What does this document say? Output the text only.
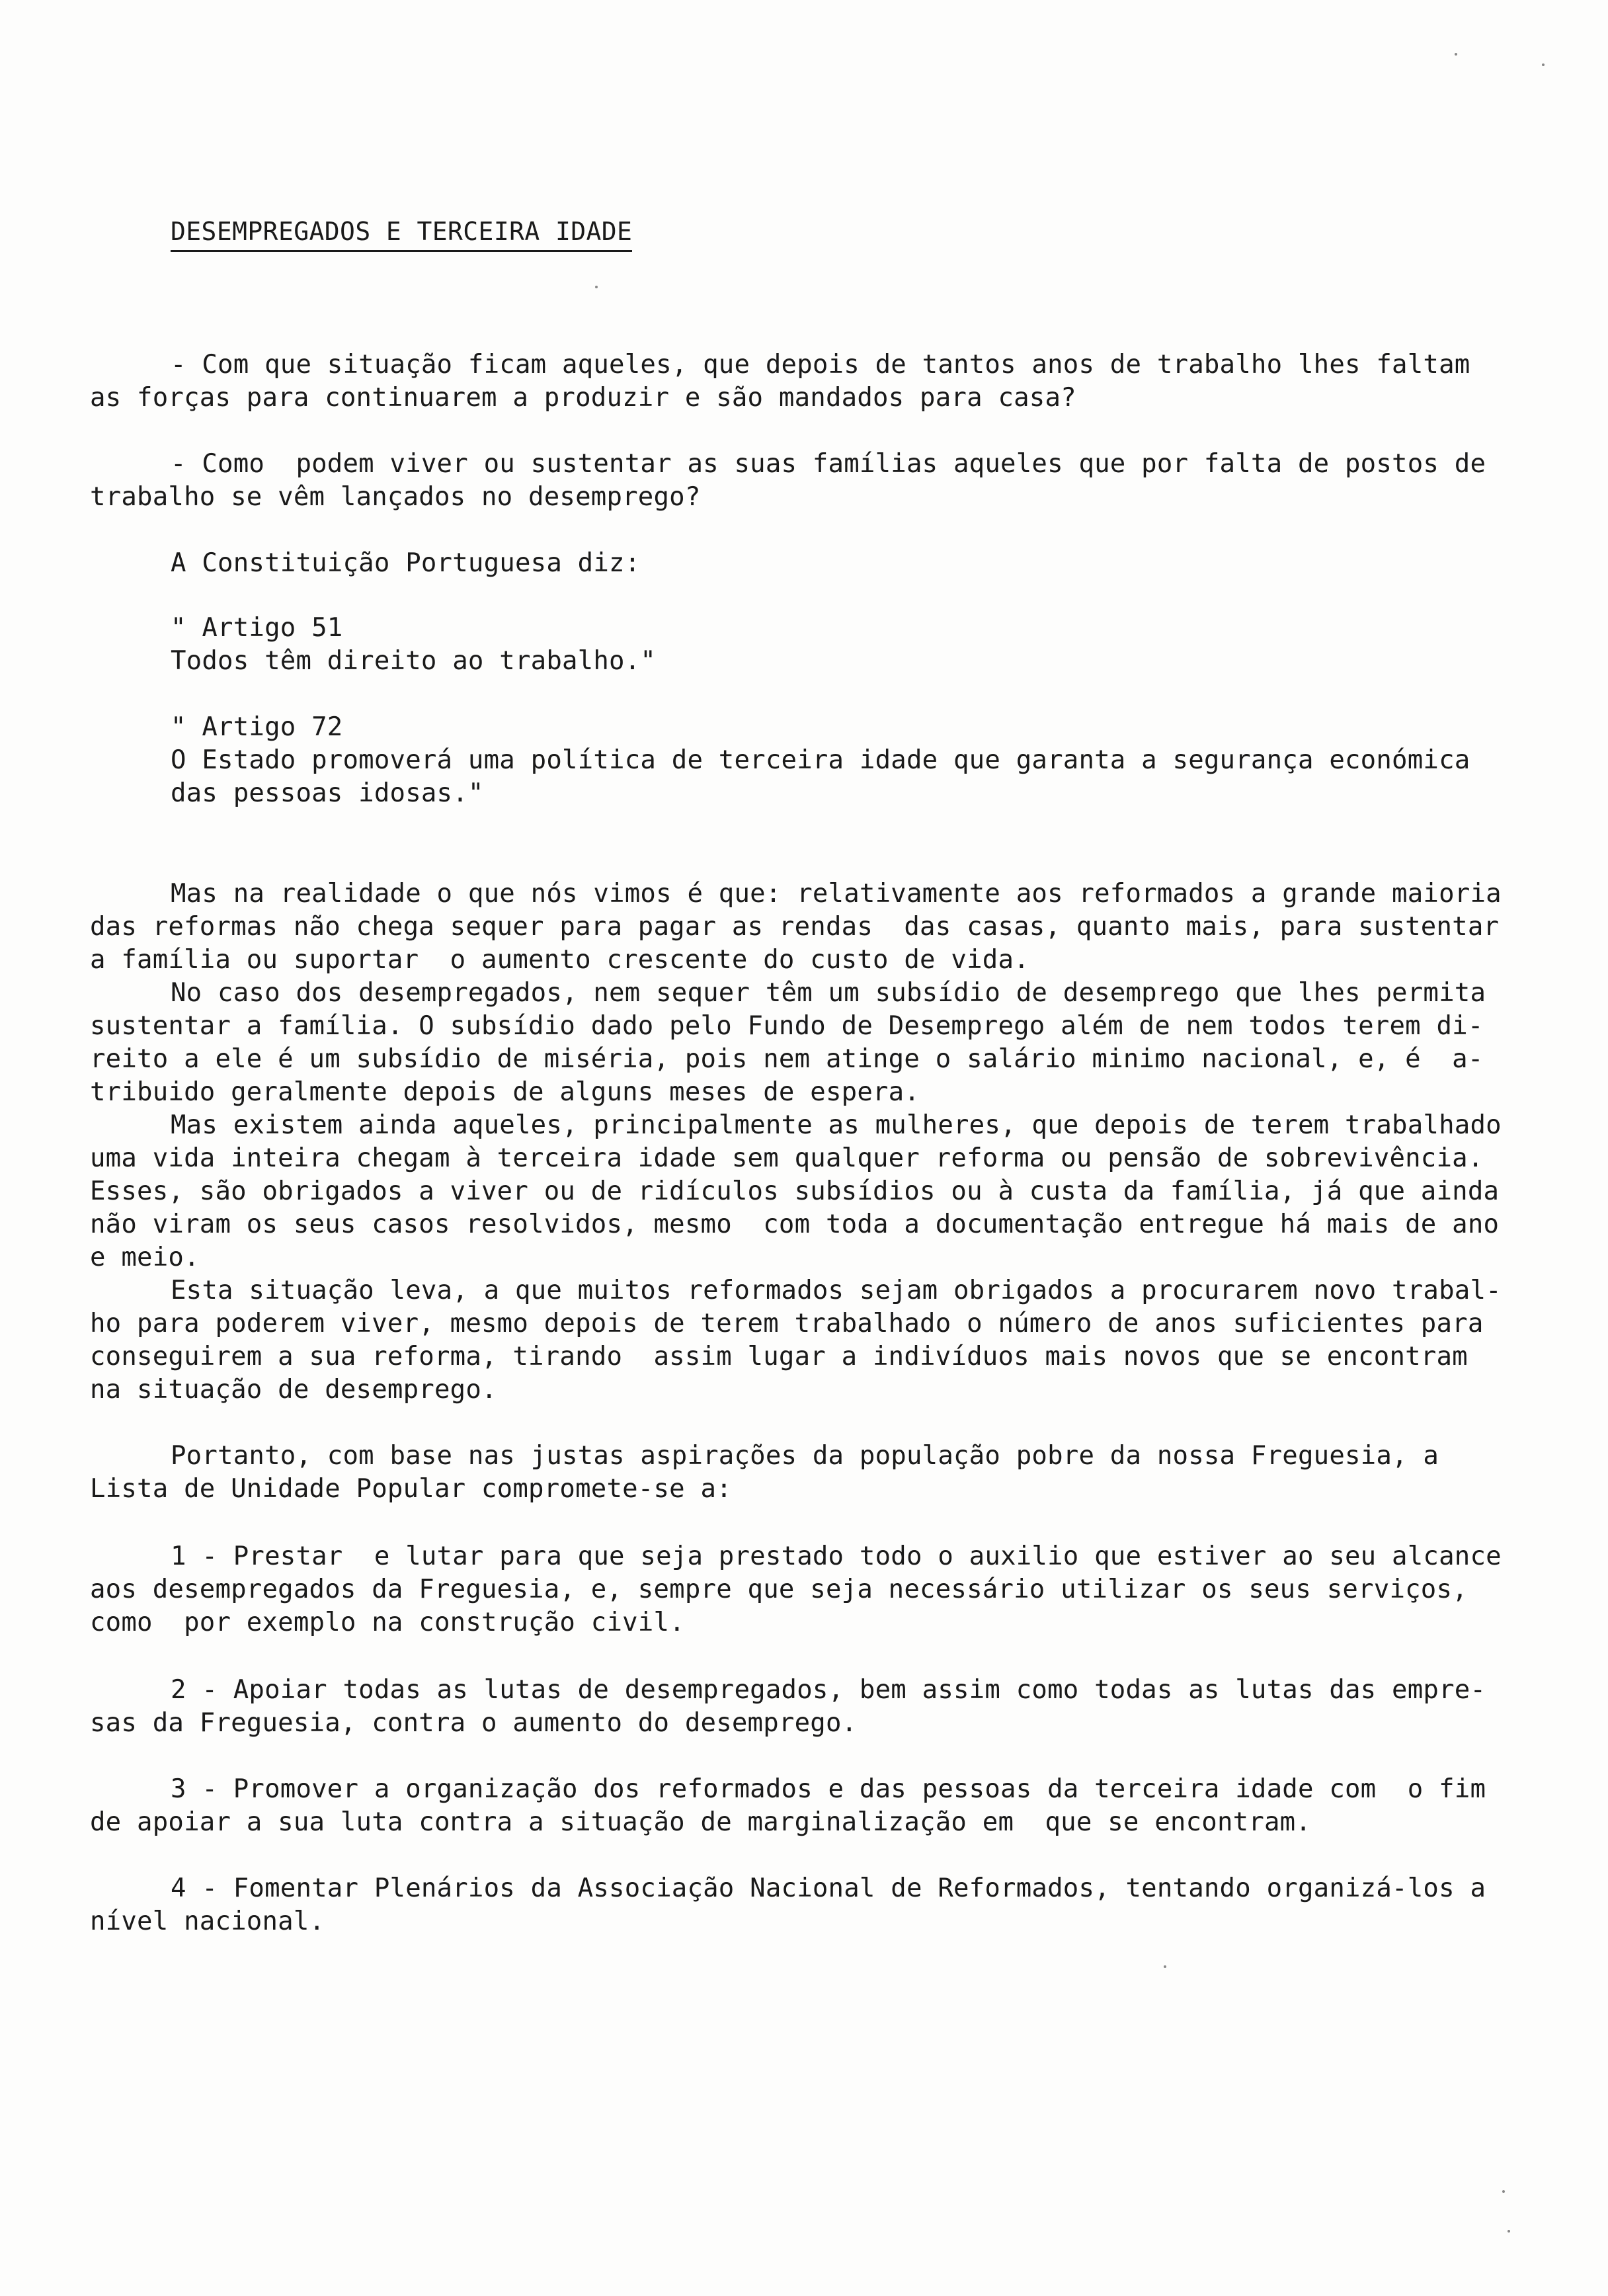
DESEMPREGADOS E TERCEIRA IDADE
- Com que situação ficam aqueles, que depois de tantos anos de trabalho lhes faltam
as forças para continuarem a produzir e são mandados para casa?
- Como  podem viver ou sustentar as suas famílias aqueles que por falta de postos de
trabalho se vêm lançados no desemprego?
A Constituição Portuguesa diz:
" Artigo 51
Todos têm direito ao trabalho."
" Artigo 72
O Estado promoverá uma política de terceira idade que garanta a segurança económica
das pessoas idosas."
Mas na realidade o que nós vimos é que: relativamente aos reformados a grande maioria
das reformas não chega sequer para pagar as rendas  das casas, quanto mais, para sustentar
a família ou suportar  o aumento crescente do custo de vida.
No caso dos desempregados, nem sequer têm um subsídio de desemprego que lhes permita
sustentar a família. O subsídio dado pelo Fundo de Desemprego além de nem todos terem di-
reito a ele é um subsídio de miséria, pois nem atinge o salário minimo nacional, e, é  a-
tribuido geralmente depois de alguns meses de espera.
Mas existem ainda aqueles, principalmente as mulheres, que depois de terem trabalhado
uma vida inteira chegam à terceira idade sem qualquer reforma ou pensão de sobrevivência.
Esses, são obrigados a viver ou de ridículos subsídios ou à custa da família, já que ainda
não viram os seus casos resolvidos, mesmo  com toda a documentação entregue há mais de ano
e meio.
Esta situação leva, a que muitos reformados sejam obrigados a procurarem novo trabal-
ho para poderem viver, mesmo depois de terem trabalhado o número de anos suficientes para
conseguirem a sua reforma, tirando  assim lugar a indivíduos mais novos que se encontram
na situação de desemprego.
Portanto, com base nas justas aspirações da população pobre da nossa Freguesia, a
Lista de Unidade Popular compromete-se a:
1 - Prestar  e lutar para que seja prestado todo o auxilio que estiver ao seu alcance
aos desempregados da Freguesia, e, sempre que seja necessário utilizar os seus serviços,
como  por exemplo na construção civil.
2 - Apoiar todas as lutas de desempregados, bem assim como todas as lutas das empre-
sas da Freguesia, contra o aumento do desemprego.
3 - Promover a organização dos reformados e das pessoas da terceira idade com  o fim
de apoiar a sua luta contra a situação de marginalização em  que se encontram.
4 - Fomentar Plenários da Associação Nacional de Reformados, tentando organizá-los a
nível nacional.
